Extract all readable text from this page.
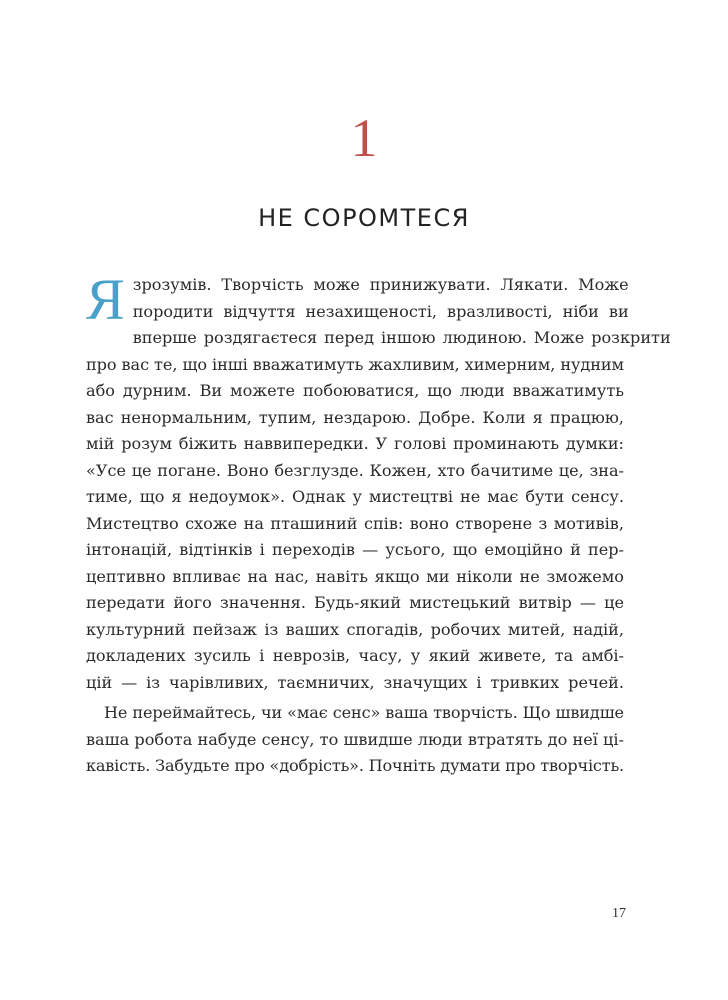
1
НЕ СОРОМТЕСЯ
Я зрозумів. Творчість може принижувати. Лякати. Може
породити відчуття незахищеності, вразливості, ніби ви
вперше роздягаєтеся перед іншою людиною. Може розкрити
про вас те, що інші вважатимуть жахливим, химерним, нудним
або дурним. Ви можете побоюватися, що люди вважатимуть
вас ненормальним, тупим, нездарою. Добре. Коли я працюю,
мій розум біжить наввипередки. У голові проминають думки:
«Усе це погане. Воно безглузде. Кожен, хто бачитиме це, зна-
тиме, що я недоумок». Однак у мистецтві не має бути сенсу.
Мистецтво схоже на пташиний спів: воно створене з мотивів,
інтонацій, відтінків і переходів — усього, що емоційно й пер-
цептивно впливає на нас, навіть якщо ми ніколи не зможемо
передати його значення. Будь-який мистецький витвір — це
культурний пейзаж із ваших спогадів, робочих митей, надій,
докладених зусиль і неврозів, часу, у який живете, та амбі-
цій — із чарівливих, таємничих, значущих і тривких речей.
Не переймайтесь, чи «має сенс» ваша творчість. Що швидше
ваша робота набуде сенсу, то швидше люди втратять до неї ці-
кавість. Забудьте про «добрість». Почніть думати про творчість.
17
